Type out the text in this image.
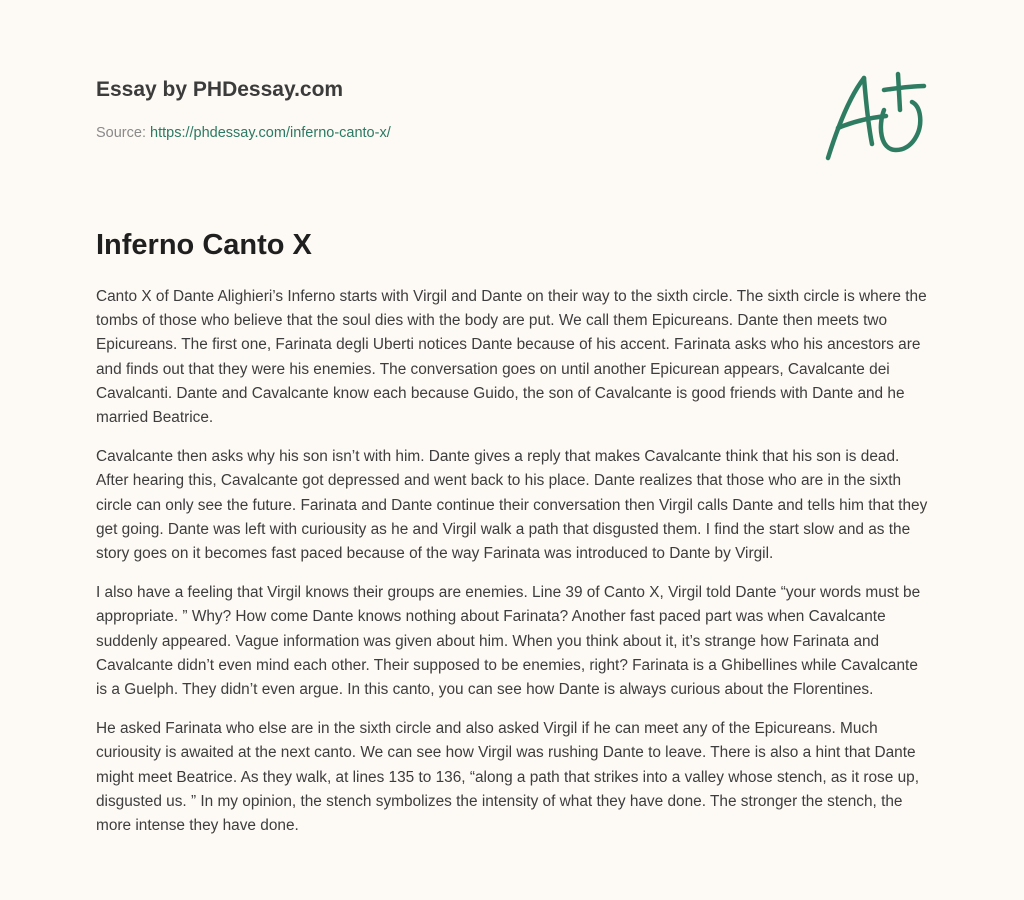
Essay by PHDessay.com
Source: https://phdessay.com/inferno-canto-x/
Inferno Canto X

Canto X of Dante Alighieri’s Inferno starts with Virgil and Dante on their way to the sixth circle. The sixth circle is where the tombs of those who believe that the soul dies with the body are put. We call them Epicureans. Dante then meets two Epicureans. The first one, Farinata degli Uberti notices Dante because of his accent. Farinata asks who his ancestors are and finds out that they were his enemies. The conversation goes on until another Epicurean appears, Cavalcante dei Cavalcanti. Dante and Cavalcante know each because Guido, the son of Cavalcante is good friends with Dante and he married Beatrice.

Cavalcante then asks why his son isn’t with him. Dante gives a reply that makes Cavalcante think that his son is dead. After hearing this, Cavalcante got depressed and went back to his place. Dante realizes that those who are in the sixth circle can only see the future. Farinata and Dante continue their conversation then Virgil calls Dante and tells him that they get going. Dante was left with curiousity as he and Virgil walk a path that disgusted them. I find the start slow and as the story goes on it becomes fast paced because of the way Farinata was introduced to Dante by Virgil.

I also have a feeling that Virgil knows their groups are enemies. Line 39 of Canto X, Virgil told Dante “your words must be appropriate. ” Why? How come Dante knows nothing about Farinata? Another fast paced part was when Cavalcante suddenly appeared. Vague information was given about him. When you think about it, it’s strange how Farinata and Cavalcante didn’t even mind each other. Their supposed to be enemies, right? Farinata is a Ghibellines while Cavalcante is a Guelph. They didn’t even argue. In this canto, you can see how Dante is always curious about the Florentines.

He asked Farinata who else are in the sixth circle and also asked Virgil if he can meet any of the Epicureans. Much curiousity is awaited at the next canto. We can see how Virgil was rushing Dante to leave. There is also a hint that Dante might meet Beatrice. As they walk, at lines 135 to 136, “along a path that strikes into a valley whose stench, as it rose up, disgusted us. ” In my opinion, the stench symbolizes the intensity of what they have done. The stronger the stench, the more intense they have done.
